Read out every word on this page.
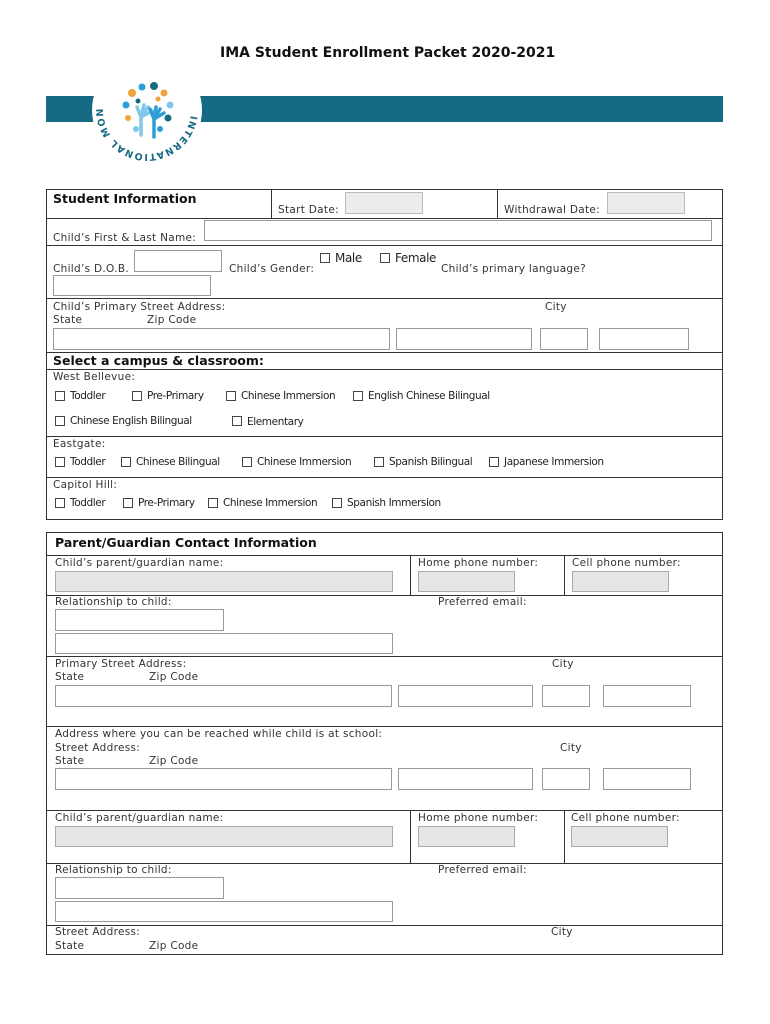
IMA Student Enrollment Packet 2020-2021
INTERNATIONAL MON
Student Information
Start Date:	Withdrawal Date:
Child’s First & Last Name:
Child’s D.O.B.	Child’s Gender:
Male	Female
Child’s primary language?
Child’s Primary Street Address:	City
State	Zip Code
Select a campus & classroom:
West Bellevue:
Toddler	Pre-Primary	Chinese Immersion	English Chinese Bilingual
Chinese English Bilingual	Elementary
Eastgate:
Toddler	Chinese Bilingual	Chinese Immersion	Spanish Bilingual	Japanese Immersion
Capitol Hill:
Toddler	Pre-Primary	Chinese Immersion	Spanish Immersion
Parent/Guardian Contact Information
Child’s parent/guardian name:	Home phone number:	Cell phone number:
Relationship to child:	Preferred email:
Primary Street Address:	City
State	Zip Code
Address where you can be reached while child is at school:
Street Address:	City
State	Zip Code
Child’s parent/guardian name:	Home phone number:	Cell phone number:
Relationship to child:	Preferred email:
Street Address:	City
State	Zip Code
